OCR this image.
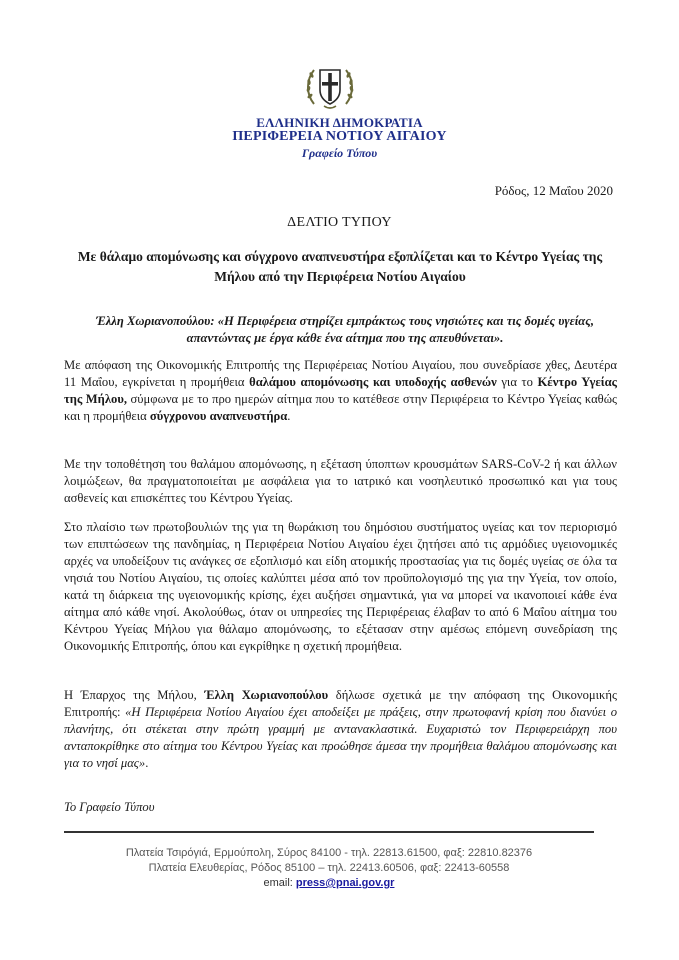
ΕΛΛΗΝΙΚΗ ΔΗΜΟΚΡΑΤΙΑ
ΠΕΡΙΦΕΡΕΙΑ ΝΟΤΙΟΥ ΑΙΓΑΙΟΥ
Γραφείο Τύπου
Ρόδος, 12 Μαΐου 2020
ΔΕΛΤΙΟ ΤΥΠΟΥ
Με θάλαμο απομόνωσης και σύγχρονο αναπνευστήρα εξοπλίζεται και το Κέντρο Υγείας της Μήλου από την Περιφέρεια Νοτίου Αιγαίου
Έλλη Χωριανοπούλου: «Η Περιφέρεια στηρίζει εμπράκτως τους νησιώτες και τις δομές υγείας, απαντώντας με έργα κάθε ένα αίτημα που της απευθύνεται».
Με απόφαση της Οικονομικής Επιτροπής της Περιφέρειας Νοτίου Αιγαίου, που συνεδρίασε χθες, Δευτέρα 11 Μαΐου, εγκρίνεται η προμήθεια θαλάμου απομόνωσης και υποδοχής ασθενών για το Κέντρο Υγείας της Μήλου, σύμφωνα με το προ ημερών αίτημα που το κατέθεσε στην Περιφέρεια το Κέντρο Υγείας καθώς και η προμήθεια σύγχρονου αναπνευστήρα.
Με την τοποθέτηση του θαλάμου απομόνωσης, η εξέταση ύποπτων κρουσμάτων SARS-CoV-2 ή και άλλων λοιμώξεων, θα πραγματοποιείται με ασφάλεια για το ιατρικό και νοσηλευτικό προσωπικό και για τους ασθενείς και επισκέπτες του Κέντρου Υγείας.
Στο πλαίσιο των πρωτοβουλιών της για τη θωράκιση του δημόσιου συστήματος υγείας και τον περιορισμό των επιπτώσεων της πανδημίας, η Περιφέρεια Νοτίου Αιγαίου έχει ζητήσει από τις αρμόδιες υγειονομικές αρχές να υποδείξουν τις ανάγκες σε εξοπλισμό και είδη ατομικής προστασίας για τις δομές υγείας σε όλα τα νησιά του Νοτίου Αιγαίου, τις οποίες καλύπτει μέσα από τον προϋπολογισμό της για την Υγεία, τον οποίο, κατά τη διάρκεια της υγειονομικής κρίσης, έχει αυξήσει σημαντικά, για να μπορεί να ικανοποιεί κάθε ένα αίτημα από κάθε νησί. Ακολούθως, όταν οι υπηρεσίες της Περιφέρειας έλαβαν το από 6 Μαΐου αίτημα του Κέντρου Υγείας Μήλου για θάλαμο απομόνωσης, το εξέτασαν στην αμέσως επόμενη συνεδρίαση της Οικονομικής Επιτροπής, όπου και εγκρίθηκε η σχετική προμήθεια.
Η Έπαρχος της Μήλου, Έλλη Χωριανοπούλου δήλωσε σχετικά με την απόφαση της Οικονομικής Επιτροπής: «Η Περιφέρεια Νοτίου Αιγαίου έχει αποδείξει με πράξεις, στην πρωτοφανή κρίση που διανύει ο πλανήτης, ότι στέκεται στην πρώτη γραμμή με αντανακλαστικά. Ευχαριστώ τον Περιφερειάρχη που ανταποκρίθηκε στο αίτημα του Κέντρου Υγείας και προώθησε άμεσα την προμήθεια θαλάμου απομόνωσης και για το νησί μας».
Το Γραφείο Τύπου
Πλατεία Τσιρόγιά, Ερμούπολη, Σύρος 84100 - τηλ. 22813.61500, φαξ: 22810.82376
Πλατεία Ελευθερίας, Ρόδος 85100 – τηλ. 22413.60506, φαξ: 22413-60558
email: press@pnai.gov.gr
